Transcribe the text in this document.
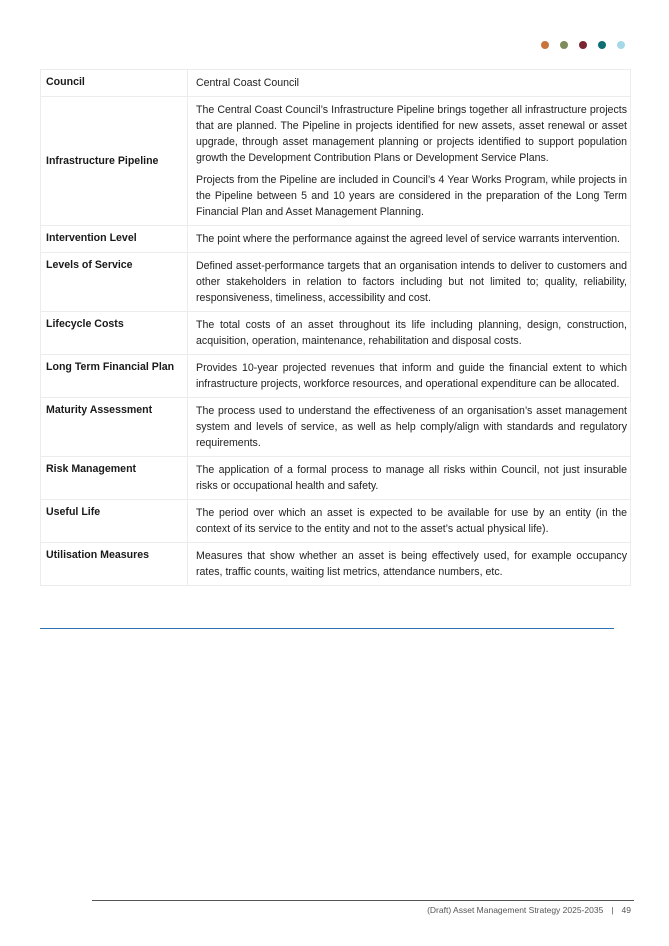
Council	Central Coast Council

Infrastructure Pipeline	The Central Coast Council’s Infrastructure Pipeline brings together all infrastructure projects that are planned. The Pipeline in projects identified for new assets, asset renewal or asset upgrade, through asset management planning or projects identified to support population growth the Development Contribution Plans or Development Service Plans.

Projects from the Pipeline are included in Council’s 4 Year Works Program, while projects in the Pipeline between 5 and 10 years are considered in the preparation of the Long Term Financial Plan and Asset Management Planning.

Intervention Level	The point where the performance against the agreed level of service warrants intervention.

Levels of Service	Defined asset-performance targets that an organisation intends to deliver to customers and other stakeholders in relation to factors including but not limited to; quality, reliability, responsiveness, timeliness, accessibility and cost.

Lifecycle Costs	The total costs of an asset throughout its life including planning, design, construction, acquisition, operation, maintenance, rehabilitation and disposal costs.

Long Term Financial Plan	Provides 10-year projected revenues that inform and guide the financial extent to which infrastructure projects, workforce resources, and operational expenditure can be allocated.

Maturity Assessment	The process used to understand the effectiveness of an organisation’s asset management system and levels of service, as well as help comply/align with standards and regulatory requirements.

Risk Management	The application of a formal process to manage all risks within Council, not just insurable risks or occupational health and safety.

Useful Life	The period over which an asset is expected to be available for use by an entity (in the context of its service to the entity and not to the asset’s actual physical life).

Utilisation Measures	Measures that show whether an asset is being effectively used, for example occupancy rates, traffic counts, waiting list metrics, attendance numbers, etc.

(Draft) Asset Management Strategy 2025-2035 | 49
